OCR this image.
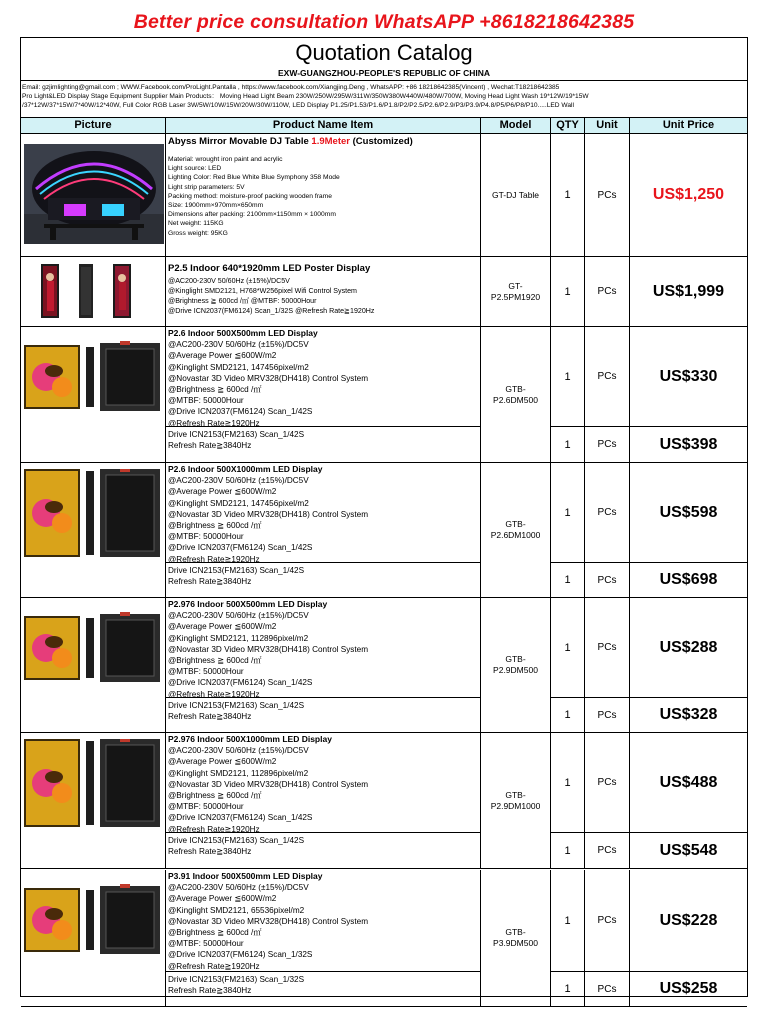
Better price consultation WhatsAPP +8618218642385
Quotation Catalog
EXW-GUANGZHOU-PEOPLE'S REPUBLIC OF CHINA
Email: gzjimlighting@gmail.com ; WWW.Facebook.com/ProLight.Pantalla , https://www.facebook.com/Xiangjing.Deng , WhatsAPP: +86 18218642385(Vincent) , Wechat:T18218642385
Pro Light&LED Display Stage Equipment Supplier Main Products： Moving Head Light Beam 230W/250W/295W/311W/350W380W440W/480W/700W, Moving Head Light Wash 19*12W/19*15W
/37*12W/37*15W/7*40W/12*40W, Full Color RGB Laser 3W/5W/10W/15W/20W/30W/110W, LED Display P1.25/P1.53/P1.6/P1.8/P2/P2.5/P2.6/P2.9/P3/P3.9/P4.8/P5/P6/P8/P10.....LED Wall
Picture	Product Name Item	Model	QTY	Unit	Unit Price
Abyss Mirror Movable DJ Table 1.9Meter (Customized)
Material: wrought iron paint and acrylic
Light source: LED
Lighting Color: Red Blue White Blue Symphony 358 Mode
Light strip parameters: 5V
Packing method: moisture-proof packing wooden frame
Size: 1900mm×970mm×650mm
Dimensions after packing: 2100mm×1150mm × 1000mm
Net weight: 115KG
Gross weight: 95KG
GT-DJ Table	1	PCs	US$1,250
P2.5 Indoor 640*1920mm LED Poster Display
@AC200-230V 50/60Hz (±15%)/DC5V
@Kinglight SMD2121, H768*W256pixel Wifi Control System
@Brightness ≧ 600cd /㎡ @MTBF: 50000Hour
@Drive ICN2037(FM6124) Scan_1/32S @Refresh Rate≧1920Hz
GT-
P2.5PM1920	1	PCs	US$1,999
P2.6 Indoor 500X500mm LED Display
@AC200-230V 50/60Hz (±15%)/DC5V
@Average Power ≦600W/m2
@Kinglight SMD2121, 147456pixel/m2
@Novastar 3D Video MRV328(DH418) Control System
@Brightness ≧ 600cd /㎡
@MTBF: 50000Hour
@Drive ICN2037(FM6124) Scan_1/42S
@Refresh Rate≧1920Hz
Drive ICN2153(FM2163) Scan_1/42S
Refresh Rate≧3840Hz
GTB-
P2.6DM500
1	PCs	US$330
1	PCs	US$398
P2.6 Indoor 500X1000mm LED Display
@AC200-230V 50/60Hz (±15%)/DC5V
@Average Power ≦600W/m2
@Kinglight SMD2121, 147456pixel/m2
@Novastar 3D Video MRV328(DH418) Control System
@Brightness ≧ 600cd /㎡
@MTBF: 50000Hour
@Drive ICN2037(FM6124) Scan_1/42S
@Refresh Rate≧1920Hz
Drive ICN2153(FM2163) Scan_1/42S
Refresh Rate≧3840Hz
GTB-
P2.6DM1000
1	PCs	US$598
1	PCs	US$698
P2.976 Indoor 500X500mm LED Display
@AC200-230V 50/60Hz (±15%)/DC5V
@Average Power ≦600W/m2
@Kinglight SMD2121, 112896pixel/m2
@Novastar 3D Video MRV328(DH418) Control System
@Brightness ≧ 600cd /㎡
@MTBF: 50000Hour
@Drive ICN2037(FM6124) Scan_1/42S
@Refresh Rate≧1920Hz
Drive ICN2153(FM2163) Scan_1/42S
Refresh Rate≧3840Hz
GTB-
P2.9DM500
1	PCs	US$288
1	PCs	US$328
P2.976 Indoor 500X1000mm LED Display
@AC200-230V 50/60Hz (±15%)/DC5V
@Average Power ≦600W/m2
@Kinglight SMD2121, 112896pixel/m2
@Novastar 3D Video MRV328(DH418) Control System
@Brightness ≧ 600cd /㎡
@MTBF: 50000Hour
@Drive ICN2037(FM6124) Scan_1/42S
@Refresh Rate≧1920Hz
Drive ICN2153(FM2163) Scan_1/42S
Refresh Rate≧3840Hz
GTB-
P2.9DM1000
1	PCs	US$488
1	PCs	US$548
P3.91 Indoor 500X500mm LED Display
@AC200-230V 50/60Hz (±15%)/DC5V
@Average Power ≦600W/m2
@Kinglight SMD2121, 65536pixel/m2
@Novastar 3D Video MRV328(DH418) Control System
@Brightness ≧ 600cd /㎡
@MTBF: 50000Hour
@Drive ICN2037(FM6124) Scan_1/32S
@Refresh Rate≧1920Hz
Drive ICN2153(FM2163) Scan_1/32S
Refresh Rate≧3840Hz
GTB-
P3.9DM500
1	PCs	US$228
1	PCs	US$258
